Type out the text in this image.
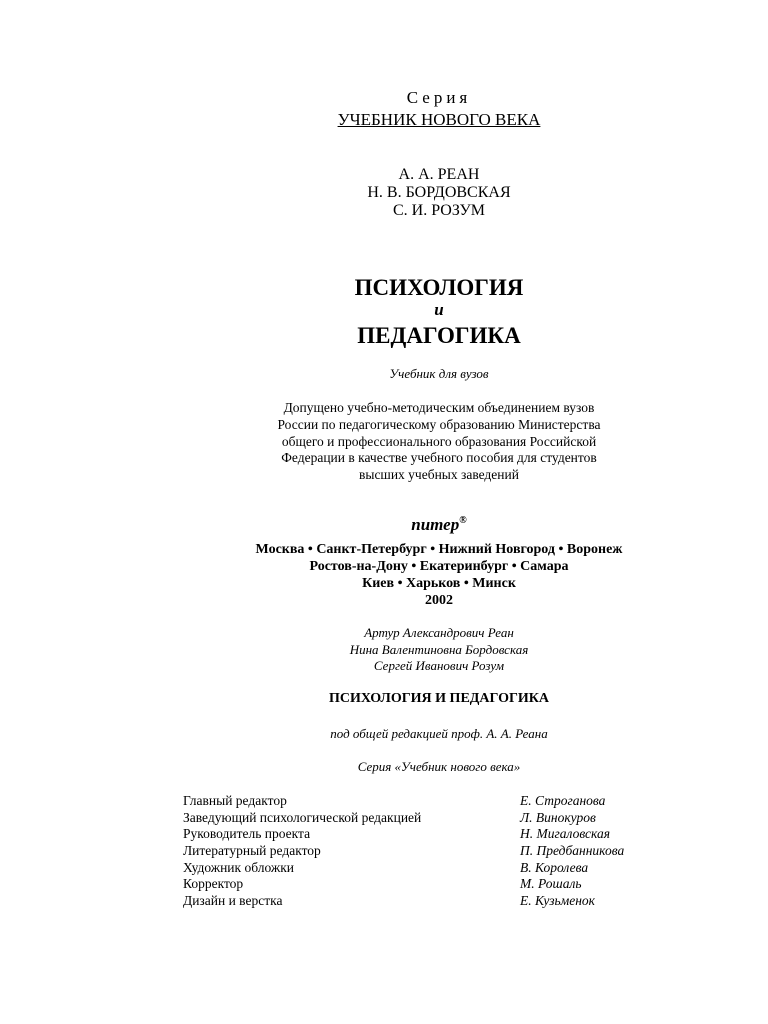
Серия
УЧЕБНИК НОВОГО ВЕКА
А. А. РЕАН
Н. В. БОРДОВСКАЯ
С. И. РОЗУМ
ПСИХОЛОГИЯ
и
ПЕДАГОГИКА
Учебник для вузов
Допущено учебно-методическим объединением вузов
России по педагогическому образованию Министерства
общего и профессионального образования Российской
Федерации в качестве учебного пособия для студентов
высших учебных заведений
питер®
Москва • Санкт-Петербург • Нижний Новгород • Воронеж
Ростов-на-Дону • Екатеринбург • Самара
Киев • Харьков • Минск
2002
Артур Александрович Реан
Нина Валентиновна Бордовская
Сергей Иванович Розум
ПСИХОЛОГИЯ И ПЕДАГОГИКА
под общей редакцией проф. А. А. Реана
Серия «Учебник нового века»
Главный редактор	Е. Строганова
Заведующий психологической редакцией	Л. Винокуров
Руководитель проекта	Н. Мигаловская
Литературный редактор	П. Предбанникова
Художник обложки	В. Королева
Корректор	М. Рошаль
Дизайн и верстка	Е. Кузьменок
